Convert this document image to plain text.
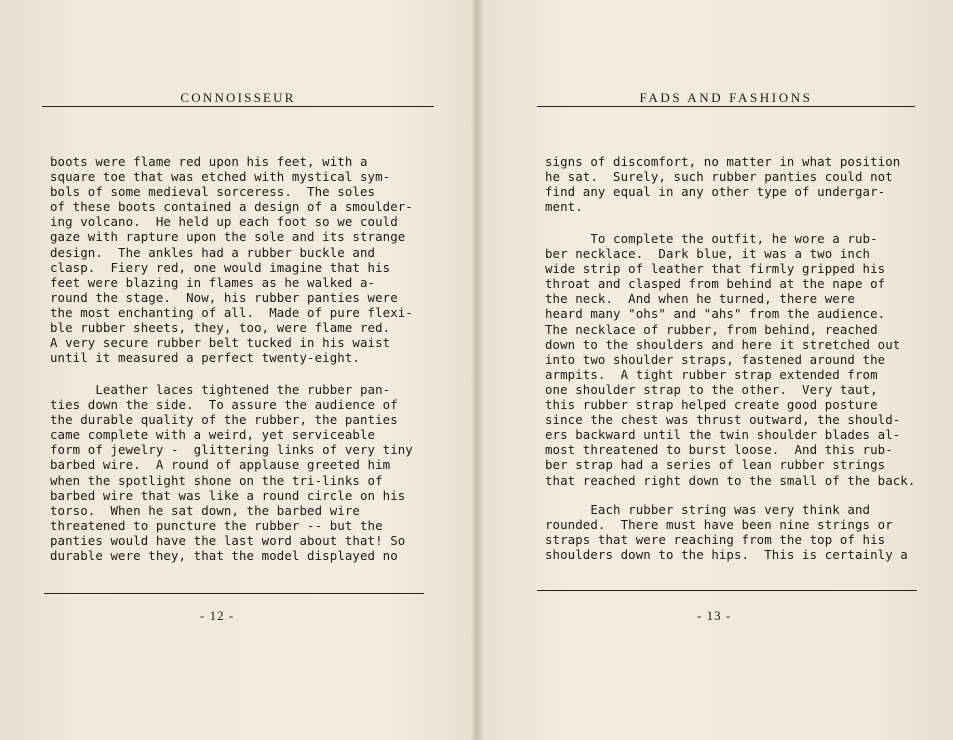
CONNOISSEUR
boots were flame red upon his feet, with a
square toe that was etched with mystical sym-
bols of some medieval sorceress.  The soles
of these boots contained a design of a smoulder-
ing volcano.  He held up each foot so we could
gaze with rapture upon the sole and its strange
design.  The ankles had a rubber buckle and
clasp.  Fiery red, one would imagine that his
feet were blazing in flames as he walked a-
round the stage.  Now, his rubber panties were
the most enchanting of all.  Made of pure flexi-
ble rubber sheets, they, too, were flame red.
A very secure rubber belt tucked in his waist
until it measured a perfect twenty-eight.
Leather laces tightened the rubber pan-
ties down the side.  To assure the audience of
the durable quality of the rubber, the panties
came complete with a weird, yet serviceable
form of jewelry -  glittering links of very tiny
barbed wire.  A round of applause greeted him
when the spotlight shone on the tri-links of
barbed wire that was like a round circle on his
torso.  When he sat down, the barbed wire
threatened to puncture the rubber -- but the
panties would have the last word about that! So
durable were they, that the model displayed no
- 12 -
FADS AND FASHIONS
signs of discomfort, no matter in what position
he sat.  Surely, such rubber panties could not
find any equal in any other type of undergar-
ment.
To complete the outfit, he wore a rub-
ber necklace.  Dark blue, it was a two inch
wide strip of leather that firmly gripped his
throat and clasped from behind at the nape of
the neck.  And when he turned, there were
heard many "ohs" and "ahs" from the audience.
The necklace of rubber, from behind, reached
down to the shoulders and here it stretched out
into two shoulder straps, fastened around the
armpits.  A tight rubber strap extended from
one shoulder strap to the other.  Very taut,
this rubber strap helped create good posture
since the chest was thrust outward, the should-
ers backward until the twin shoulder blades al-
most threatened to burst loose.  And this rub-
ber strap had a series of lean rubber strings
that reached right down to the small of the back.
Each rubber string was very think and
rounded.  There must have been nine strings or
straps that were reaching from the top of his
shoulders down to the hips.  This is certainly a
- 13 -
